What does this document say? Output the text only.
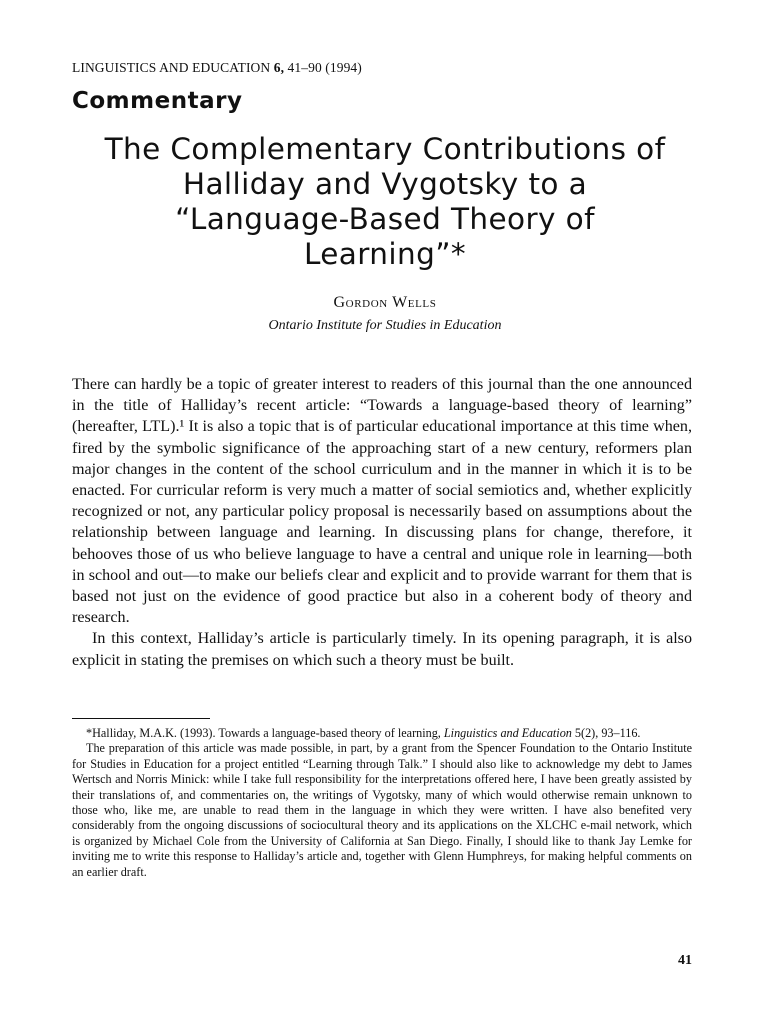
LINGUISTICS AND EDUCATION 6, 41–90 (1994)
Commentary
The Complementary Contributions of
Halliday and Vygotsky to a
“Language-Based Theory of
Learning”*
Gordon Wells
Ontario Institute for Studies in Education

There can hardly be a topic of greater interest to readers of this journal than the one announced in the title of Halliday’s recent article: “Towards a language-based theory of learning” (hereafter, LTL).¹ It is also a topic that is of particular educational importance at this time when, fired by the symbolic significance of the approaching start of a new century, reformers plan major changes in the content of the school curriculum and in the manner in which it is to be enacted. For curricular reform is very much a matter of social semiotics and, whether explicitly recognized or not, any particular policy proposal is necessarily based on assumptions about the relationship between language and learning. In discussing plans for change, therefore, it behooves those of us who believe language to have a central and unique role in learning—both in school and out—to make our beliefs clear and explicit and to provide warrant for them that is based not just on the evidence of good practice but also in a coherent body of theory and research.

In this context, Halliday’s article is particularly timely. In its opening paragraph, it is also explicit in stating the premises on which such a theory must be built.

*Halliday, M.A.K. (1993). Towards a language-based theory of learning, Linguistics and Education 5(2), 93–116.

The preparation of this article was made possible, in part, by a grant from the Spencer Foundation to the Ontario Institute for Studies in Education for a project entitled “Learning through Talk.” I should also like to acknowledge my debt to James Wertsch and Norris Minick: while I take full responsibility for the interpretations offered here, I have been greatly assisted by their translations of, and commentaries on, the writings of Vygotsky, many of which would otherwise remain unknown to those who, like me, are unable to read them in the language in which they were written. I have also benefited very considerably from the ongoing discussions of sociocultural theory and its applications on the XLCHC e-mail network, which is organized by Michael Cole from the University of California at San Diego. Finally, I should like to thank Jay Lemke for inviting me to write this response to Halliday’s article and, together with Glenn Humphreys, for making helpful comments on an earlier draft.

41
